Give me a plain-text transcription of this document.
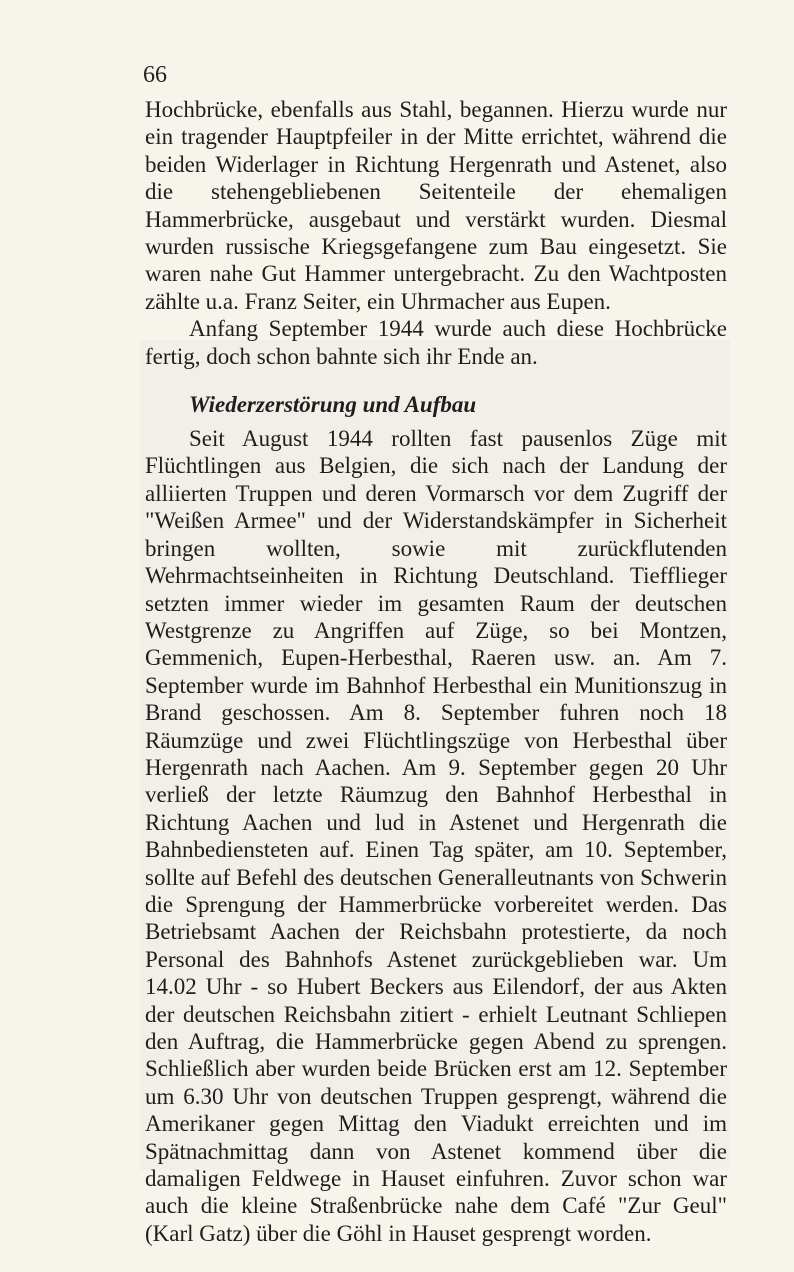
66

Hochbrücke, ebenfalls aus Stahl, begannen. Hierzu wurde nur ein tragender Hauptpfeiler in der Mitte errichtet, während die beiden Widerlager in Richtung Hergenrath und Astenet, also die stehengebliebenen Seitenteile der ehemaligen Hammerbrücke, ausgebaut und verstärkt wurden. Diesmal wurden russische Kriegsgefangene zum Bau eingesetzt. Sie waren nahe Gut Hammer untergebracht. Zu den Wachtposten zählte u.a. Franz Seiter, ein Uhrmacher aus Eupen.

Anfang September 1944 wurde auch diese Hochbrücke fertig, doch schon bahnte sich ihr Ende an.

Wiederzerstörung und Aufbau

Seit August 1944 rollten fast pausenlos Züge mit Flüchtlingen aus Belgien, die sich nach der Landung der alliierten Truppen und deren Vormarsch vor dem Zugriff der "Weißen Armee" und der Widerstandskämpfer in Sicherheit bringen wollten, sowie mit zurückflutenden Wehrmachtseinheiten in Richtung Deutschland. Tiefflieger setzten immer wieder im gesamten Raum der deutschen Westgrenze zu Angriffen auf Züge, so bei Montzen, Gemmenich, Eupen-Herbesthal, Raeren usw. an. Am 7. September wurde im Bahnhof Herbesthal ein Munitionszug in Brand geschossen. Am 8. September fuhren noch 18 Räumzüge und zwei Flüchtlingszüge von Herbesthal über Hergenrath nach Aachen. Am 9. September gegen 20 Uhr verließ der letzte Räumzug den Bahnhof Herbesthal in Richtung Aachen und lud in Astenet und Hergenrath die Bahnbediensteten auf. Einen Tag später, am 10. September, sollte auf Befehl des deutschen Generalleutnants von Schwerin die Sprengung der Hammerbrücke vorbereitet werden. Das Betriebsamt Aachen der Reichsbahn protestierte, da noch Personal des Bahnhofs Astenet zurückgeblieben war. Um 14.02 Uhr - so Hubert Beckers aus Eilendorf, der aus Akten der deutschen Reichsbahn zitiert - erhielt Leutnant Schliepen den Auftrag, die Hammerbrücke gegen Abend zu sprengen. Schließlich aber wurden beide Brücken erst am 12. September um 6.30 Uhr von deutschen Truppen gesprengt, während die Amerikaner gegen Mittag den Viadukt erreichten und im Spätnachmittag dann von Astenet kommend über die damaligen Feldwege in Hauset einfuhren. Zuvor schon war auch die kleine Straßenbrücke nahe dem Café "Zur Geul" (Karl Gatz) über die Göhl in Hauset gesprengt worden.
